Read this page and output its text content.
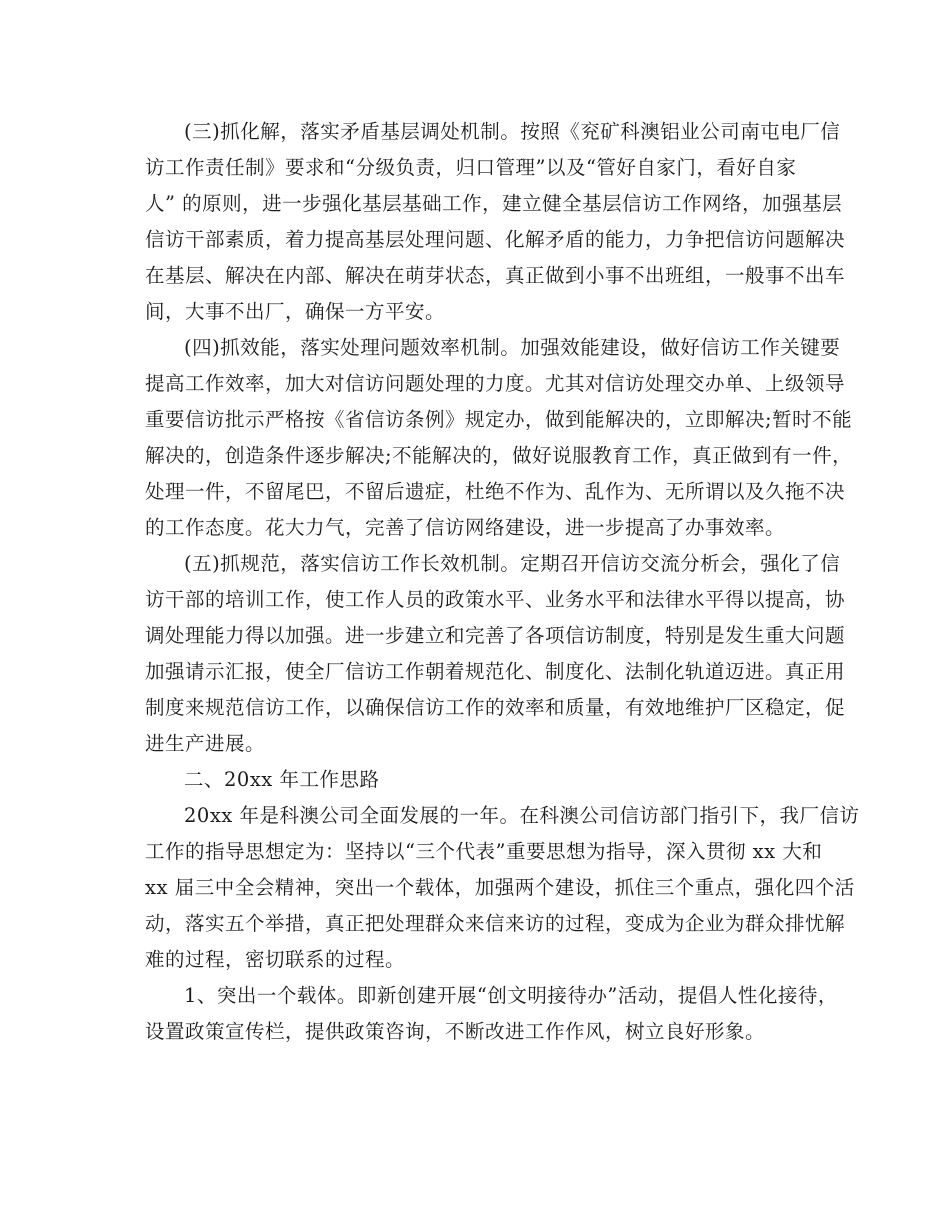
(三)抓化解，落实矛盾基层调处机制。按照《兖矿科澳铝业公司南屯电厂信

访工作责任制》要求和“分级负责，归口管理”以及“管好自家门，看好自家

人” 的原则，进一步强化基层基础工作，建立健全基层信访工作网络，加强基层

信访干部素质，着力提高基层处理问题、化解矛盾的能力，力争把信访问题解决

在基层、解决在内部、解决在萌芽状态，真正做到小事不出班组，一般事不出车

间，大事不出厂，确保一方平安。

(四)抓效能，落实处理问题效率机制。加强效能建设，做好信访工作关键要

提高工作效率，加大对信访问题处理的力度。尤其对信访处理交办单、上级领导

重要信访批示严格按《省信访条例》规定办，做到能解决的，立即解决;暂时不能

解决的，创造条件逐步解决;不能解决的，做好说服教育工作，真正做到有一件，

处理一件，不留尾巴，不留后遗症，杜绝不作为、乱作为、无所谓以及久拖不决

的工作态度。花大力气，完善了信访网络建设，进一步提高了办事效率。

(五)抓规范，落实信访工作长效机制。定期召开信访交流分析会，强化了信

访干部的培训工作，使工作人员的政策水平、业务水平和法律水平得以提高，协

调处理能力得以加强。进一步建立和完善了各项信访制度，特别是发生重大问题

加强请示汇报，使全厂信访工作朝着规范化、制度化、法制化轨道迈进。真正用

制度来规范信访工作，以确保信访工作的效率和质量，有效地维护厂区稳定，促

进生产进展。

二、20xx 年工作思路

20xx 年是科澳公司全面发展的一年。在科澳公司信访部门指引下，我厂信访

工作的指导思想定为：坚持以“三个代表”重要思想为指导，深入贯彻 xx 大和

xx 届三中全会精神，突出一个载体，加强两个建设，抓住三个重点，强化四个活

动，落实五个举措，真正把处理群众来信来访的过程，变成为企业为群众排忧解

难的过程，密切联系的过程。

1、突出一个载体。即新创建开展“创文明接待办”活动，提倡人性化接待，

设置政策宣传栏，提供政策咨询，不断改进工作作风，树立良好形象。
